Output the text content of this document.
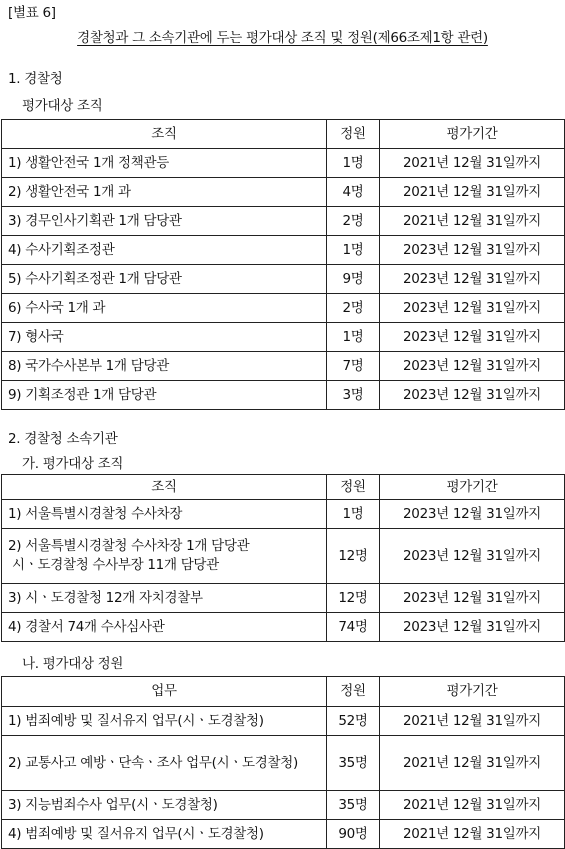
[별표 6]
경찰청과 그 소속기관에 두는 평가대상 조직 및 정원(제66조제1항 관련)
1. 경찰청
평가대상 조직
조직	정원	평가기간
1) 생활안전국 1개 정책관등	1명	2021년 12월 31일까지
2) 생활안전국 1개 과	4명	2021년 12월 31일까지
3) 경무인사기획관 1개 담당관	2명	2021년 12월 31일까지
4) 수사기획조정관	1명	2023년 12월 31일까지
5) 수사기획조정관 1개 담당관	9명	2023년 12월 31일까지
6) 수사국 1개 과	2명	2023년 12월 31일까지
7) 형사국	1명	2023년 12월 31일까지
8) 국가수사본부 1개 담당관	7명	2023년 12월 31일까지
9) 기획조정관 1개 담당관	3명	2023년 12월 31일까지
2. 경찰청 소속기관
가. 평가대상 조직
조직	정원	평가기간
1) 서울특별시경찰청 수사차장	1명	2023년 12월 31일까지
2) 서울특별시경찰청 수사차장 1개 담당관
시ㆍ도경찰청 수사부장 11개 담당관	12명	2023년 12월 31일까지
3) 시ㆍ도경찰청 12개 자치경찰부	12명	2023년 12월 31일까지
4) 경찰서 74개 수사심사관	74명	2023년 12월 31일까지
나. 평가대상 정원
업무	정원	평가기간
1) 범죄예방 및 질서유지 업무(시ㆍ도경찰청)	52명	2021년 12월 31일까지
2) 교통사고 예방ㆍ단속ㆍ조사 업무(시ㆍ도경찰청)	35명	2021년 12월 31일까지
3) 지능범죄수사 업무(시ㆍ도경찰청)	35명	2021년 12월 31일까지
4) 범죄예방 및 질서유지 업무(시ㆍ도경찰청)	90명	2021년 12월 31일까지
